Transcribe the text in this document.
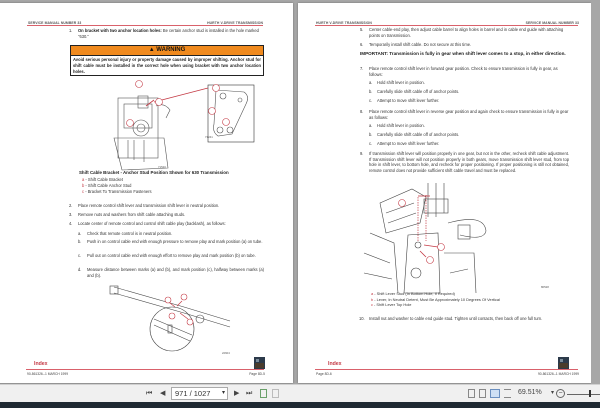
SERVICE MANUAL NUMBER 33	HURTH V-DRIVE TRANSMISSION
1. On bracket with two anchor location holes: Be certain anchor stud is installed in the hole marked "630."
▲ WARNING
Avoid serious personal injury or property damage caused by improper shifting. Anchor stud for shift cable must be installed in the correct hole when using bracket with two anchor location holes.
71241
71520
Shift Cable Bracket - Anchor Stud Position Shown for 630 Transmission
a - Shift Cable Bracket
b - Shift Cable Anchor Stud
c - Bracket To Transmission Fasteners
2. Place remote control shift lever and transmission shift lever in neutral position.
3. Remove nuts and washers from shift cable attaching studs.
4. Locate center of remote control and control shift cable play (backlash), as follows:
a. Check that remote control is in neutral position.
b. Push in on control cable end with enough pressure to remove play and mark position (a) on tube.
c. Pull out on control cable end with enough effort to remove play and mark position (b) on tube.
d. Measure distance between marks (a) and (b), and mark position (c), halfway between marks (a) and (b).
22604
Index
90-861326--1 MARCH 1999	Page 8D-5
HURTH V-DRIVE TRANSMISSION	SERVICE MANUAL NUMBER 33
5. Center cable-end play, then adjust cable barrel to align holes in barrel and in cable end guide with attaching points on transmission.
6. Temporarily install shift cable. Do not secure at this time.
IMPORTANT: Transmission is fully in gear when shift lever comes to a stop, in either direction.
7. Place remote control shift lever in forward gear position. Check to ensure transmission is fully in gear, as follows:
a. Hold shift lever in position.
b. Carefully slide shift cable off of anchor points.
c. Attempt to move shift lever further.
8. Place remote control shift lever in reverse gear position and again check to ensure transmission is fully in gear as follows:
a. Hold shift lever in position.
b. Carefully slide shift cable off of anchor points.
c. Attempt to move shift lever further.
9. If transmission shift lever will position properly in one gear, but not in the other, recheck shift cable adjustment. If transmission shift lever will not position properly in both gears, move transmission shift lever stud, from top hole in shift lever, to bottom hole, and recheck for proper positioning. If proper positioning is still not obtained, remote control does not provide sufficient shift cable travel and must be replaced.
80528
a - Shift Lever Stud (In Bottom Hole, If Required)
b - Lever, In Neutral Detent, Must Be Approximately 10 Degrees Of Vertical
c - Shift Lever Top Hole
10. Install nut and washer to cable end guide stud. Tighten until contacts, then back off one full turn.
Index
Page 8D-6	90-861326--1 MARCH 1999
⏮ ◀	971 / 1027	▾ ▶ ⏭	69.51% ▾ −
